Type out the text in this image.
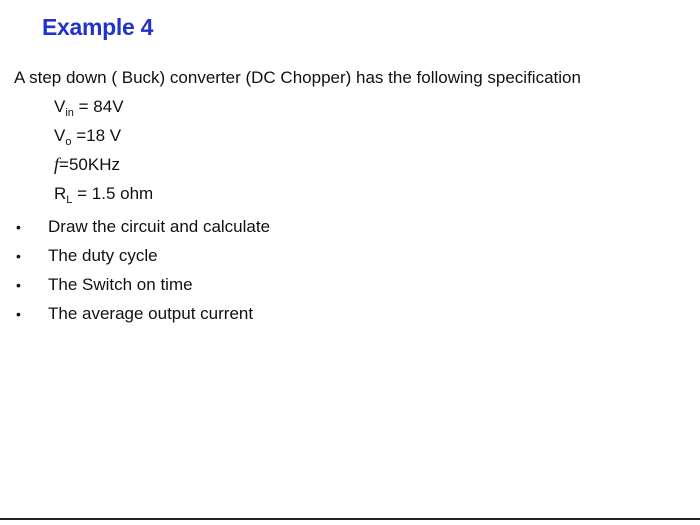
Example 4
A step down ( Buck) converter (DC Chopper) has the following specification
$V_{in} = 84V$
$V_o =18$ V
f=50KHz
$R_L = 1.5$ ohm
•	Draw the circuit and calculate
•	The duty cycle
•	The Switch on time
•	The average output current
